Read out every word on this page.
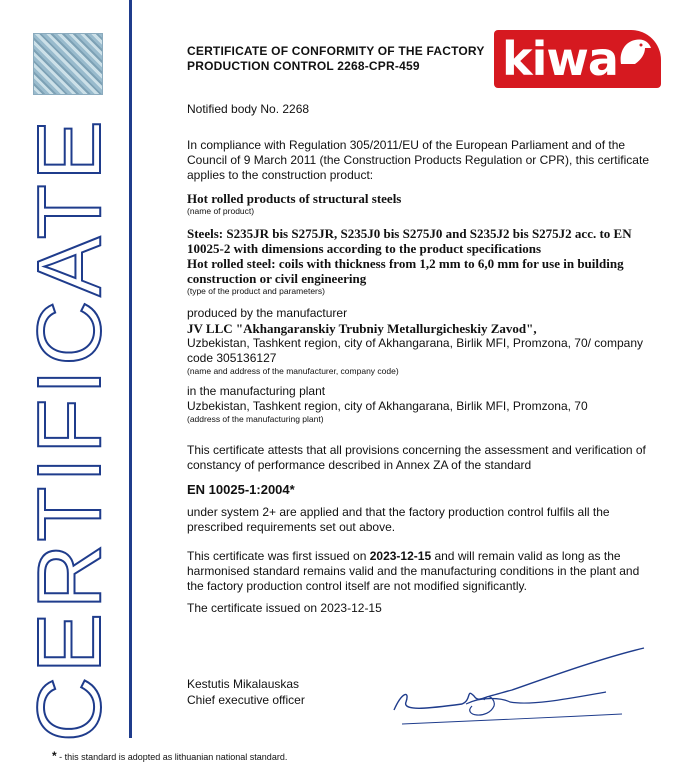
CERTIFICATE
CERTIFICATE OF CONFORMITY OF THE FACTORY
PRODUCTION CONTROL 2268-CPR-459	kiwa

Notified body No. 2268

In compliance with Regulation 305/2011/EU of the European Parliament and of the Council of 9 March 2011 (the Construction Products Regulation or CPR), this certificate applies to the construction product:

Hot rolled products of structural steels

(name of product)

Steels: S235JR bis S275JR, S235J0 bis S275J0 and S235J2 bis S275J2 acc. to EN 10025-2 with dimensions according to the product specifications

Hot rolled steel: coils with thickness from 1,2 mm to 6,0 mm for use in building construction or civil engineering

(type of the product and parameters)

produced by the manufacturer

JV LLC "Akhangaranskiy Trubniy Metallurgicheskiy Zavod",

Uzbekistan, Tashkent region, city of Akhangarana, Birlik MFI, Promzona, 70/ company code 305136127

(name and address of the manufacturer, company code)

in the manufacturing plant

Uzbekistan, Tashkent region, city of Akhangarana, Birlik MFI, Promzona, 70

(address of the manufacturing plant)

This certificate attests that all provisions concerning the assessment and verification of constancy of performance described in Annex ZA of the standard

EN 10025-1:2004*

under system 2+ are applied and that the factory production control fulfils all the prescribed requirements set out above.

This certificate was first issued on 2023-12-15 and will remain valid as long as the harmonised standard remains valid and the manufacturing conditions in the plant and the factory production control itself are not modified significantly.

The certificate issued on 2023-12-15

Kestutis Mikalauskas
Chief executive officer
* - this standard is adopted as lithuanian national standard.
